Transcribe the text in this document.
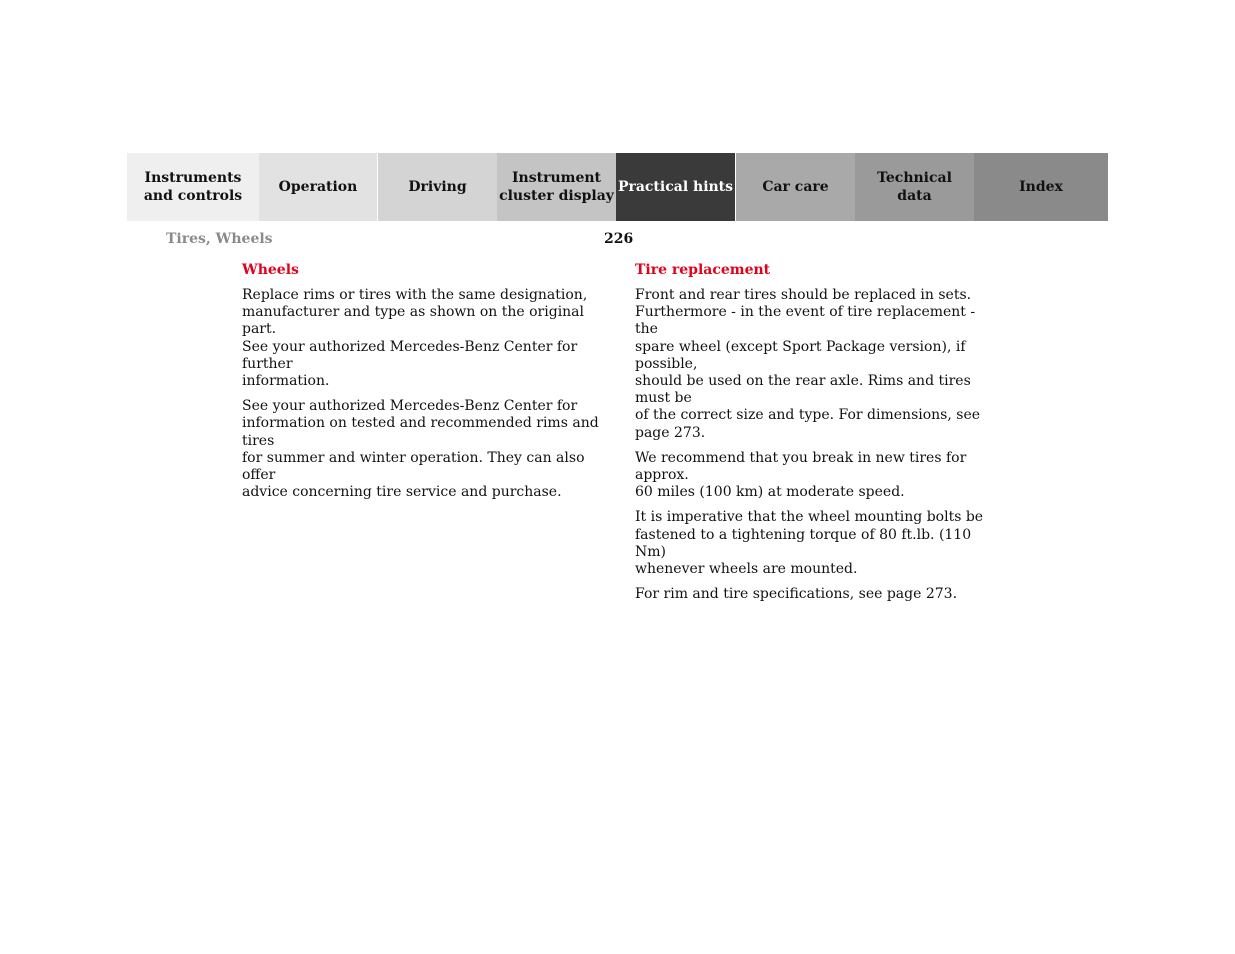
Instruments
and controls
Operation	Driving
Instrument
cluster display
Practical hints Car care
Technical
data
Index
Tires, Wheels	226
Wheels

Replace rims or tires with the same designation,
manufacturer and type as shown on the original part.
See your authorized Mercedes-Benz Center for further
information.

See your authorized Mercedes-Benz Center for
information on tested and recommended rims and tires
for summer and winter operation. They can also offer
advice concerning tire service and purchase.

Tire replacement

Front and rear tires should be replaced in sets.
Furthermore - in the event of tire replacement - the
spare wheel (except Sport Package version), if possible,
should be used on the rear axle. Rims and tires must be
of the correct size and type. For dimensions, see
page 273.

We recommend that you break in new tires for approx.
60 miles (100 km) at moderate speed.

It is imperative that the wheel mounting bolts be
fastened to a tightening torque of 80 ft.lb. (110 Nm)
whenever wheels are mounted.

For rim and tire specifications, see page 273.
